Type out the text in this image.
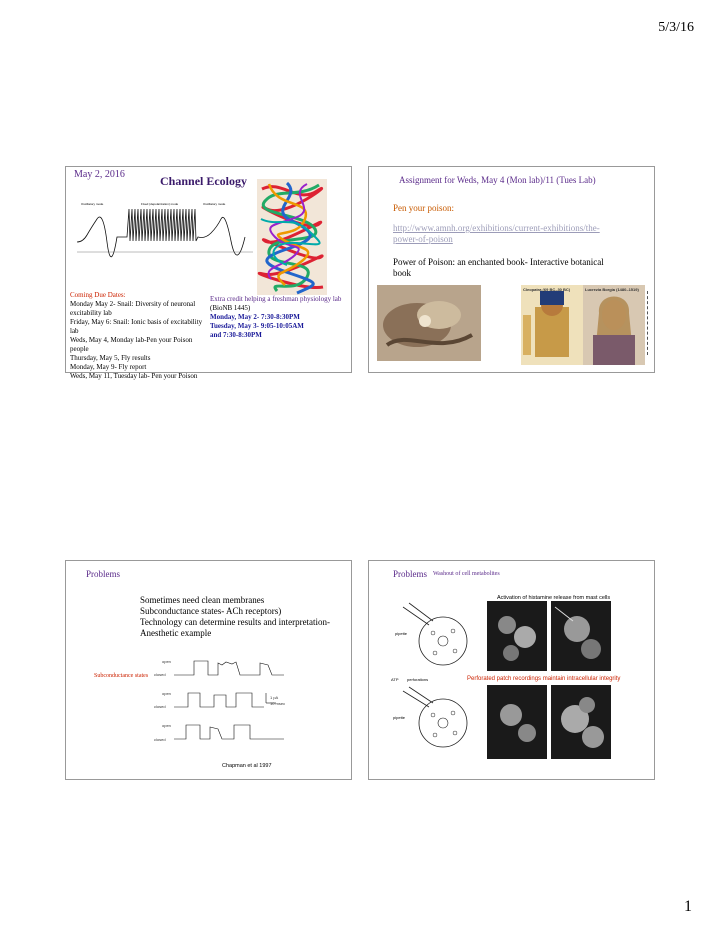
5/3/16
1
May 2, 2016	Channel Ecology
Oscillatory mode	Fixed (depolarization) mode	Oscillatory mode
Coming Due Dates:
Monday May 2- Snail: Diversity of neuronal excitability lab
Friday, May 6: Snail: Ionic basis of excitability lab
Weds, May 4, Monday lab-Pen your Poison people
Thursday, May 5, Fly results
Monday, May 9- Fly report
Weds, May 11, Tuesday lab- Pen your Poison
Extra credit helping a freshman physiology lab
(BioNB 1445)
Monday, May 2- 7:30-8:30PM
Tuesday, May 3- 9:05-10:05AM
and 7:30-8:30PM
Assignment for Weds, May 4 (Mon lab)/11 (Tues Lab)
Pen your poison:
http://www.amnh.org/exhibitions/current-exhibitions/the-
power-of-poison
Power of Poison: an enchanted book- Interactive botanical
book
Cleopatra (69 BC–30 BC)	Lucrezia Borgia (1480–1519)
Problems
Sometimes need clean membranes
Subconductance states- ACh receptors)
Technology can determine results and interpretation-
Anesthetic example
Subconductance states
open
closed
open
closed
open
closed
1 pA
10 msec
Chapman et al 1997
Problems Washout of cell metabolites
Activation of histamine release from mast cells
pipette
Perforated patch recordings maintain intracellular integrity
ATP perforations
pipette
